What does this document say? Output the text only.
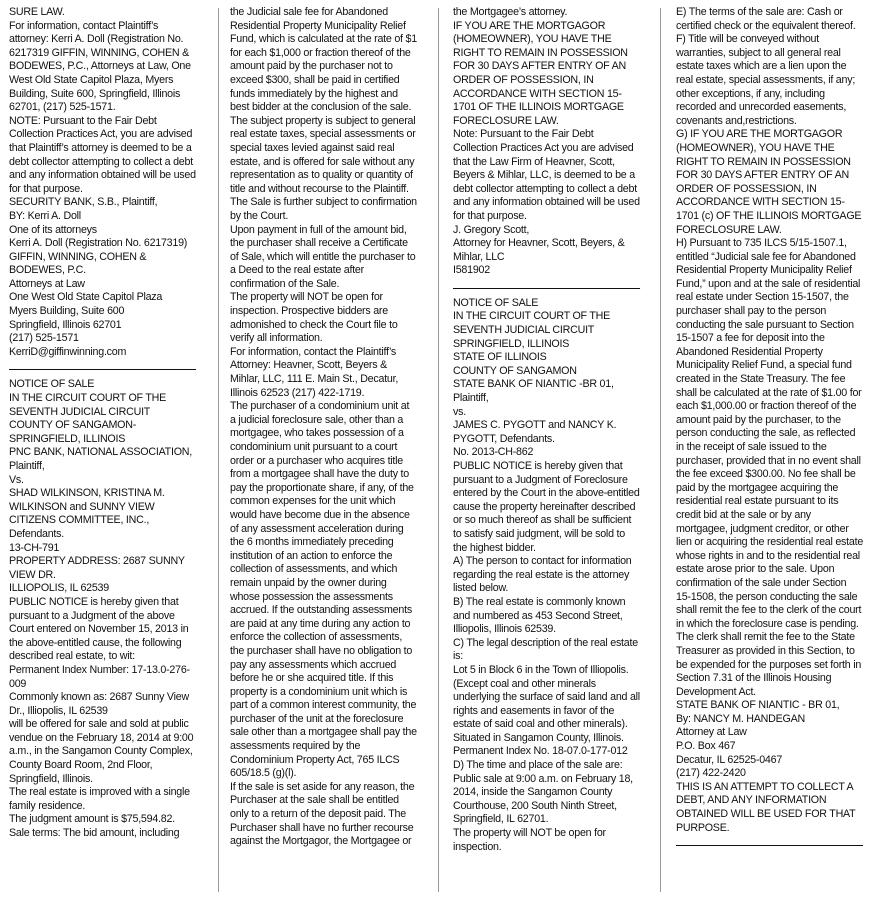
SURE LAW.
For information, contact Plaintiff’s attorney: Kerri A. Doll (Registration No. 6217319 GIFFIN, WINNING, COHEN & BODEWES, P.C., Attorneys at Law, One West Old State Capitol Plaza, Myers Building, Suite 600, Springfield, Illinois 62701, (217) 525-1571.
NOTE: Pursuant to the Fair Debt Collection Practices Act, you are advised that Plaintiff’s attorney is deemed to be a debt collector attempting to collect a debt and any information obtained will be used for that purpose.
SECURITY BANK, S.B., Plaintiff,
BY: Kerri A. Doll
One of its attorneys
Kerri A. Doll (Registration No. 6217319)
GIFFIN, WINNING, COHEN & BODEWES, P.C.
Attorneys at Law
One West Old State Capitol Plaza
Myers Building, Suite 600
Springfield, Illinois 62701
(217) 525-1571
KerriD@giffinwinning.com
NOTICE OF SALE
IN THE CIRCUIT COURT OF THE SEVENTH JUDICIAL CIRCUIT
COUNTY OF SANGAMON-SPRINGFIELD, ILLINOIS
PNC BANK, NATIONAL ASSOCIATION, Plaintiff,
Vs.
SHAD WILKINSON, KRISTINA M. WILKINSON and SUNNY VIEW CITIZENS COMMITTEE, INC., Defendants.
13-CH-791
PROPERTY ADDRESS: 2687 SUNNY VIEW DR.
ILLIOPOLIS, IL 62539
PUBLIC NOTICE is hereby given that pursuant to a Judgment of the above Court entered on November 15, 2013 in the above-entitled cause, the following described real estate, to wit:
Permanent Index Number: 17-13.0-276-009
Commonly known as: 2687 Sunny View Dr., Illiopolis, IL 62539
will be offered for sale and sold at public vendue on the February 18, 2014 at 9:00 a.m., in the Sangamon County Complex, County Board Room, 2nd Floor, Springfield, Illinois.
The real estate is improved with a single family residence.
The judgment amount is $75,594.82.
Sale terms: The bid amount, including
the Judicial sale fee for Abandoned Residential Property Municipality Relief Fund, which is calculated at the rate of $1 for each $1,000 or fraction thereof of the amount paid by the purchaser not to exceed $300, shall be paid in certified funds immediately by the highest and best bidder at the conclusion of the sale.
The subject property is subject to general real estate taxes, special assessments or special taxes levied against said real estate, and is offered for sale without any representation as to quality or quantity of title and without recourse to the Plaintiff. The Sale is further subject to confirmation by the Court.
Upon payment in full of the amount bid, the purchaser shall receive a Certificate of Sale, which will entitle the purchaser to a Deed to the real estate after confirmation of the Sale.
The property will NOT be open for inspection. Prospective bidders are admonished to check the Court file to verify all information.
For information, contact the Plaintiff’s Attorney: Heavner, Scott, Beyers & Mihlar, LLC, 111 E. Main St., Decatur, Illinois 62523 (217) 422-1719.
The purchaser of a condominium unit at a judicial foreclosure sale, other than a mortgagee, who takes possession of a condominium unit pursuant to a court order or a purchaser who acquires title from a mortgagee shall have the duty to pay the proportionate share, if any, of the common expenses for the unit which would have become due in the absence of any assessment acceleration during the 6 months immediately preceding institution of an action to enforce the collection of assessments, and which remain unpaid by the owner during whose possession the assessments accrued. If the outstanding assessments are paid at any time during any action to enforce the collection of assessments, the purchaser shall have no obligation to pay any assessments which accrued before he or she acquired title. If this property is a condominium unit which is part of a common interest community, the purchaser of the unit at the foreclosure sale other than a mortgagee shall pay the assessments required by the Condominium Property Act, 765 ILCS 605/18.5 (g)(l).
If the sale is set aside for any reason, the Purchaser at the sale shall be entitled only to a return of the deposit paid. The Purchaser shall have no further recourse against the Mortgagor, the Mortgagee or
the Mortgagee’s attorney.
IF YOU ARE THE MORTGAGOR (HOMEOWNER), YOU HAVE THE RIGHT TO REMAIN IN POSSESSION FOR 30 DAYS AFTER ENTRY OF AN ORDER OF POSSESSION, IN ACCORDANCE WITH SECTION 15-1701 OF THE ILLINOIS MORTGAGE FORECLOSURE LAW.
Note: Pursuant to the Fair Debt Collection Practices Act you are advised that the Law Firm of Heavner, Scott, Beyers & Mihlar, LLC, is deemed to be a debt collector attempting to collect a debt and any information obtained will be used for that purpose.
J. Gregory Scott,
Attorney for Heavner, Scott, Beyers, & Mihlar, LLC
I581902
NOTICE OF SALE
IN THE CIRCUIT COURT OF THE SEVENTH JUDICIAL CIRCUIT
SPRINGFIELD, ILLINOIS
STATE OF ILLINOIS
COUNTY OF SANGAMON
STATE BANK OF NIANTIC -BR 01, Plaintiff,
vs.
JAMES C. PYGOTT and NANCY K. PYGOTT, Defendants.
No. 2013-CH-862
PUBLIC NOTICE is hereby given that pursuant to a Judgment of Foreclosure entered by the Court in the above-entitled cause the property hereinafter described or so much thereof as shall be sufficient to satisfy said judgment, will be sold to the highest bidder.
A) The person to contact for information regarding the real estate is the attorney listed below.
B) The real estate is commonly known and numbered as 453 Second Street, Illiopolis, Illinois 62539.
C) The legal description of the real estate is:
Lot 5 in Block 6 in the Town of Illiopolis. (Except coal and other minerals underlying the surface of said land and all rights and easements in favor of the estate of said coal and other minerals). Situated in Sangamon County, Illinois.
Permanent Index No. 18-07.0-177-012
D) The time and place of the sale are: Public sale at 9:00 a.m. on February 18, 2014, inside the Sangamon County Courthouse, 200 South Ninth Street, Springfield, IL 62701.
The property will NOT be open for inspection.
E) The terms of the sale are: Cash or certified check or the equivalent thereof.
F) Title will be conveyed without warranties, subject to all general real estate taxes which are a lien upon the real estate, special assessments, if any; other exceptions, if any, including recorded and unrecorded easements, covenants and,restrictions.
G) IF YOU ARE THE MORTGAGOR (HOMEOWNER), YOU HAVE THE RIGHT TO REMAIN IN POSSESSION FOR 30 DAYS AFTER ENTRY OF AN ORDER OF POSSESSION, IN ACCORDANCE WITH SECTION 15-1701 (c) OF THE ILLINOIS MORTGAGE FORECLOSURE LAW.
H) Pursuant to 735 ILCS 5/15-1507.1, entitled “Judicial sale fee for Abandoned Residential Property Municipality Relief Fund,” upon and at the sale of residential real estate under Section 15-1507, the purchaser shall pay to the person conducting the sale pursuant to Section 15-1507 a fee for deposit into the Abandoned Residential Property Municipality Relief Fund, a special fund created in the State Treasury. The fee shall be calculated at the rate of $1.00 for each $1,000.00 or fraction thereof of the amount paid by the purchaser, to the person conducting the sale, as reflected in the receipt of sale issued to the purchaser, provided that in no event shall the fee exceed $300.00. No fee shall be paid by the mortgagee acquiring the residential real estate pursuant to its credit bid at the sale or by any mortgagee, judgment creditor, or other lien or acquiring the residential real estate whose rights in and to the residential real estate arose prior to the sale. Upon confirmation of the sale under Section 15-1508, the person conducting the sale shall remit the fee to the clerk of the court in which the foreclosure case is pending. The clerk shall remit the fee to the State Treasurer as provided in this Section, to be expended for the purposes set forth in Section 7.31 of the Illinois Housing Development Act.
STATE BANK OF NIANTIC - BR 01,
By: NANCY M. HANDEGAN
Attorney at Law
P.O. Box 467
Decatur, IL 62525-0467
(217) 422-2420
THIS IS AN ATTEMPT TO COLLECT A DEBT, AND ANY INFORMATION OBTAINED WILL BE USED FOR THAT PURPOSE.
